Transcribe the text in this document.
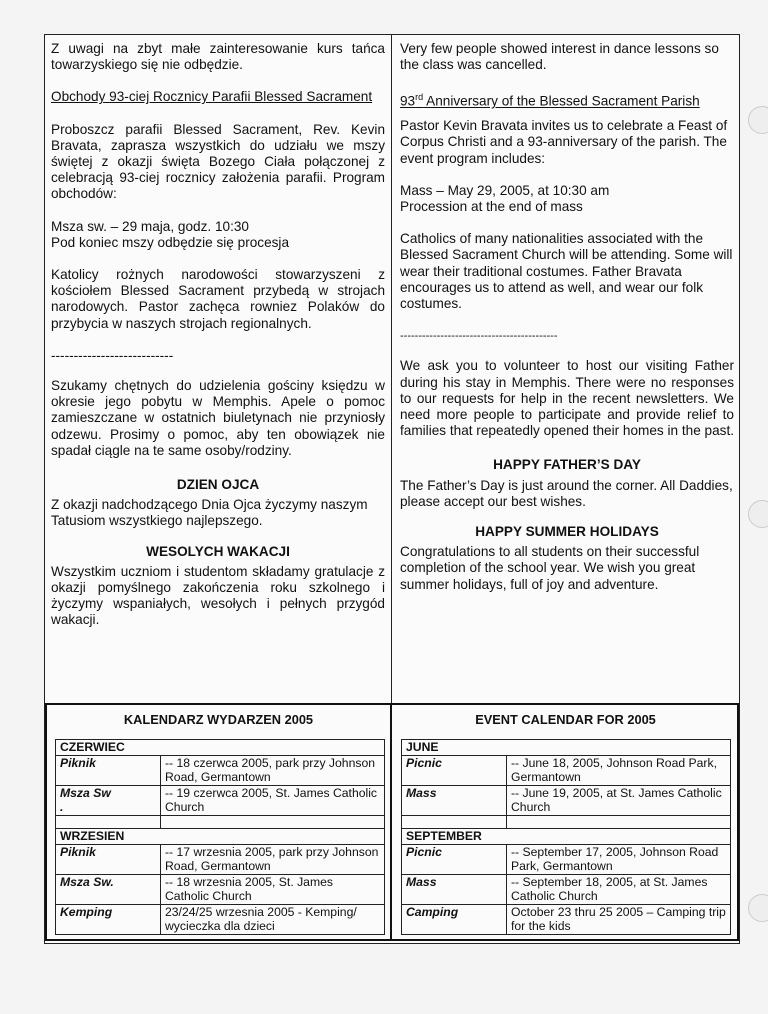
Z uwagi na zbyt małe zainteresowanie kurs tańca towarzyskiego się nie odbędzie.

Obchody 93-ciej Rocznicy Parafii Blessed Sacrament

Proboszcz parafii Blessed Sacrament, Rev. Kevin Bravata, zaprasza wszystkich do udziału we mszy świętej z okazji święta Bozego Ciała połączonej z celebracją 93-ciej rocznicy założenia parafii. Program obchodów:

Msza sw. – 29 maja, godz. 10:30
Pod koniec mszy odbędzie się procesja

Katolicy rożnych narodowości stowarzyszeni z kościołem Blessed Sacrament przybedą w strojach narodowych. Pastor zachęca rowniez Polaków do przybycia w naszych strojach regionalnych.

---------------------------

Szukamy chętnych do udzielenia gościny księdzu w okresie jego pobytu w Memphis. Apele o pomoc zamieszczane w ostatnich biuletynach nie przyniosły odzewu. Prosimy o pomoc, aby ten obowiązek nie spadał ciągle na te same osoby/rodziny.

DZIEN OJCA

Z okazji nadchodzącego Dnia Ojca życzymy naszym Tatusiom wszystkiego najlepszego.

WESOLYCH WAKACJI

Wszystkim uczniom i studentom składamy gratulacje z okazji pomyślnego zakończenia roku szkolnego i życzymy wspaniałych, wesołych i pełnych przygód wakacji.

Very few people showed interest in dance lessons so the class was cancelled.

93rd Anniversary of the Blessed Sacrament Parish

Pastor Kevin Bravata invites us to celebrate a Feast of Corpus Christi and a 93-anniversary of the parish. The event program includes:

Mass – May 29, 2005, at 10:30 am
Procession at the end of mass

Catholics of many nationalities associated with the Blessed Sacrament Church will be attending. Some will wear their traditional costumes. Father Bravata encourages us to attend as well, and wear our folk costumes.

-------------------------------------------

We ask you to volunteer to host our visiting Father during his stay in Memphis. There were no responses to our requests for help in the recent newsletters. We need more people to participate and provide relief to families that repeatedly opened their homes in the past.

HAPPY FATHER’S DAY

The Father’s Day is just around the corner. All Daddies, please accept our best wishes.

HAPPY SUMMER HOLIDAYS

Congratulations to all students on their successful completion of the school year. We wish you great summer holidays, full of joy and adventure.

KALENDARZ WYDARZEN 2005
CZERWIEC	
Piknik	-- 18 czerwca 2005, park przy Johnson Road, Germantown
Msza Sw
.	-- 19 czerwca 2005, St. James Catholic Church

WRZESIEN	
Piknik	-- 17 wrzesnia 2005, park przy Johnson Road, Germantown
Msza Sw.	-- 18 wrzesnia 2005, St. James Catholic Church
Kemping	23/24/25 wrzesnia 2005 - Kemping/ wycieczka dla dzieci
EVENT CALENDAR FOR 2005
JUNE	
Picnic	-- June 18, 2005, Johnson Road Park, Germantown
Mass	-- June 19, 2005, at St. James Catholic Church

SEPTEMBER	
Picnic	-- September 17, 2005, Johnson Road Park, Germantown
Mass	-- September 18, 2005, at St. James Catholic Church
Camping	October 23 thru 25 2005 – Camping trip for the kids
